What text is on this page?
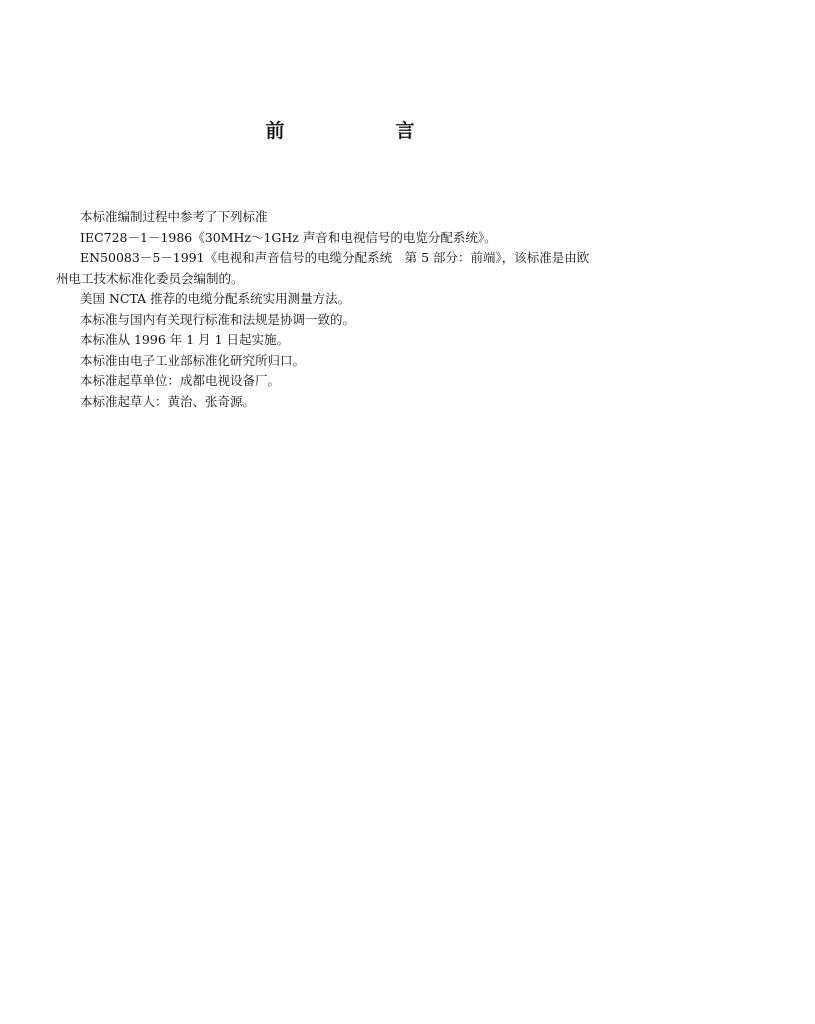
前　言

本标准编制过程中参考了下列标准

IEC728－1－1986《30MHz～1GHz 声音和电视信号的电览分配系统》。

EN50083－5－1991《电视和声音信号的电缆分配系统　第 5 部分：前端》，该标准是由欧

州电工技术标准化委员会编制的。

美国 NCTA 推荐的电缆分配系统实用测量方法。

本标准与国内有关现行标准和法规是协调一致的。

本标准从 1996 年 1 月 1 日起实施。

本标准由电子工业部标准化研究所归口。

本标准起草单位：成都电视设备厂。

本标准起草人：黄治、张奇源。
